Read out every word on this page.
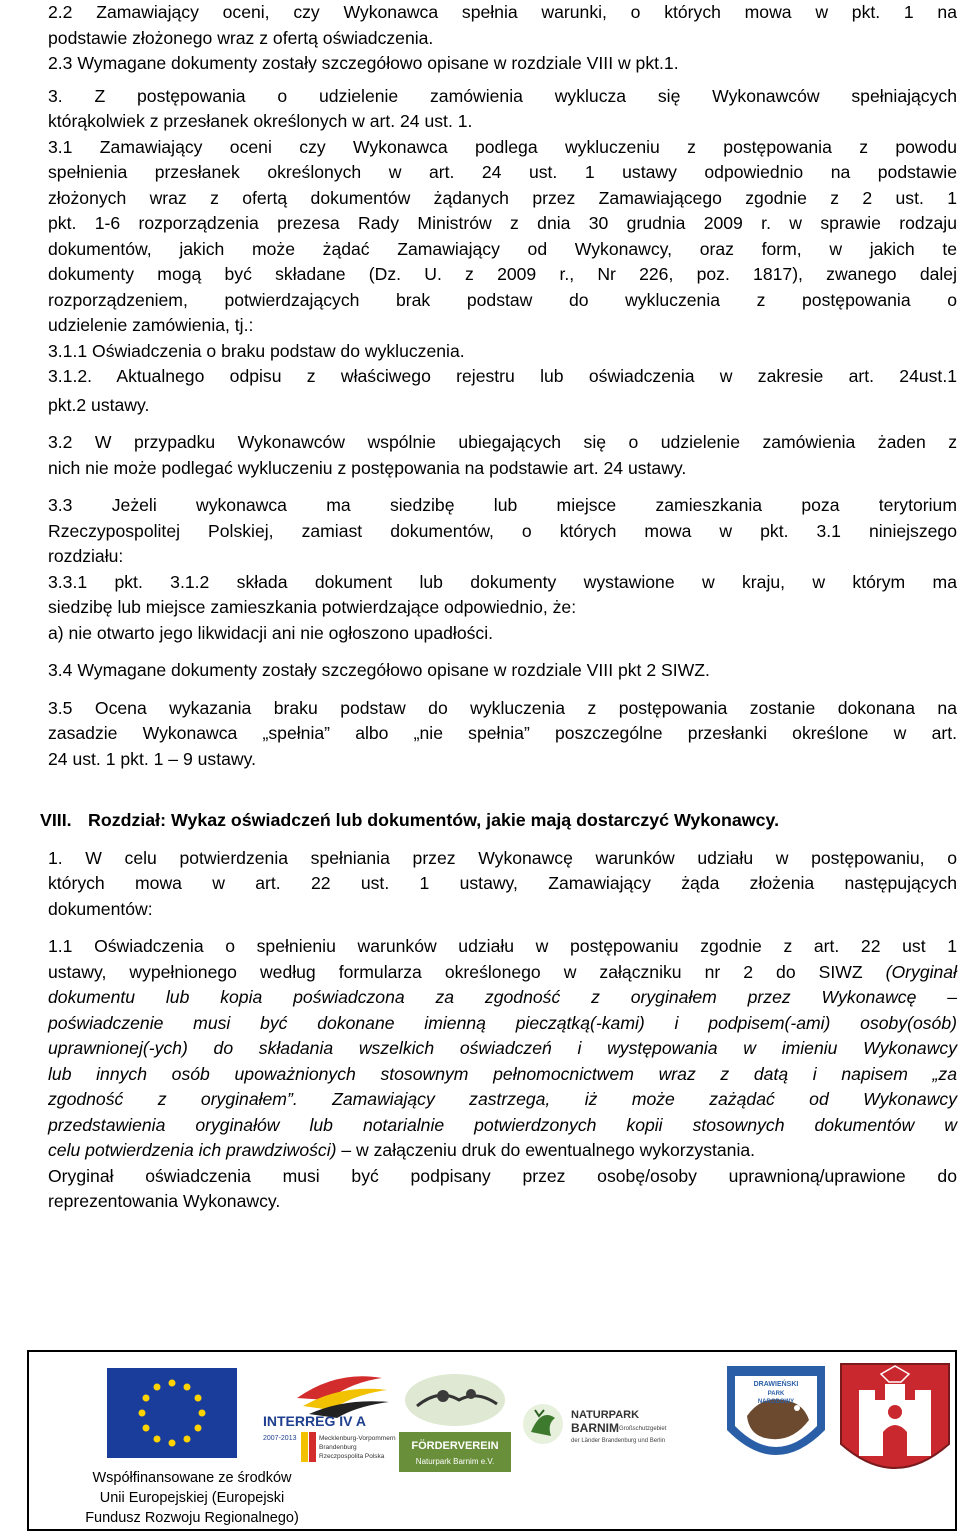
2.2 Zamawiający oceni, czy Wykonawca spełnia warunki, o których mowa w pkt. 1 na
podstawie złożonego wraz z ofertą oświadczenia.
2.3 Wymagane dokumenty zostały szczegółowo opisane w rozdziale VIII w pkt.1.
3. Z postępowania o udzielenie zamówienia wyklucza się Wykonawców spełniających
którąkolwiek z przesłanek określonych w art. 24 ust. 1.
3.1 Zamawiający oceni czy Wykonawca podlega wykluczeniu z postępowania z powodu
spełnienia przesłanek określonych w art. 24 ust. 1 ustawy odpowiednio na podstawie
złożonych wraz z ofertą dokumentów żądanych przez Zamawiającego zgodnie z 2 ust. 1
pkt. 1-6 rozporządzenia prezesa Rady Ministrów z dnia 30 grudnia 2009 r. w sprawie rodzaju
dokumentów, jakich może żądać Zamawiający od Wykonawcy, oraz form, w jakich te
dokumenty mogą być składane (Dz. U. z 2009 r., Nr 226, poz. 1817), zwanego dalej
rozporządzeniem, potwierdzających brak podstaw do wykluczenia z postępowania o
udzielenie zamówienia, tj.:
3.1.1 Oświadczenia o braku podstaw do wykluczenia.
3.1.2. Aktualnego odpisu z właściwego rejestru lub oświadczenia w zakresie art. 24ust.1
pkt.2 ustawy.
3.2 W przypadku Wykonawców wspólnie ubiegających się o udzielenie zamówienia żaden z
nich nie może podlegać wykluczeniu z postępowania na podstawie art. 24 ustawy.
3.3 Jeżeli wykonawca ma siedzibę lub miejsce zamieszkania poza terytorium
Rzeczypospolitej Polskiej, zamiast dokumentów, o których mowa w pkt. 3.1 niniejszego
rozdziału:
3.3.1 pkt. 3.1.2 składa dokument lub dokumenty wystawione w kraju, w którym ma
siedzibę lub miejsce zamieszkania potwierdzające odpowiednio, że:
a) nie otwarto jego likwidacji ani nie ogłoszono upadłości.
3.4 Wymagane dokumenty zostały szczegółowo opisane w rozdziale VIII pkt 2 SIWZ.
3.5 Ocena wykazania braku podstaw do wykluczenia z postępowania zostanie dokonana na
zasadzie Wykonawca „spełnia” albo „nie spełnia” poszczególne przesłanki określone w art.
24 ust. 1 pkt. 1 – 9 ustawy.
VIII. Rozdział: Wykaz oświadczeń lub dokumentów, jakie mają dostarczyć Wykonawcy.
1. W celu potwierdzenia spełniania przez Wykonawcę warunków udziału w postępowaniu, o
których mowa w art. 22 ust. 1 ustawy, Zamawiający żąda złożenia następujących
dokumentów:
1.1 Oświadczenia o spełnieniu warunków udziału w postępowaniu zgodnie z art. 22 ust 1
ustawy, wypełnionego według formularza określonego w załączniku nr 2 do SIWZ (Oryginał
dokumentu lub kopia poświadczona za zgodność z oryginałem przez Wykonawcę –
poświadczenie musi być dokonane imienną pieczątką(-kami) i podpisem(-ami) osoby(osób)
uprawnionej(-ych) do składania wszelkich oświadczeń i występowania w imieniu Wykonawcy
lub innych osób upoważnionych stosownym pełnomocnictwem wraz z datą i napisem „za
zgodność z oryginałem”. Zamawiający zastrzega, iż może zażądać od Wykonawcy
przedstawienia oryginałów lub notarialnie potwierdzonych kopii stosownych dokumentów w
celu potwierdzenia ich prawdziwości) – w załączeniu druk do ewentualnego wykorzystania.
Oryginał oświadczenia musi być podpisany przez osobę/osoby uprawnioną/uprawione do
reprezentowania Wykonawcy.
INTERREG IV A
2007-2013	Mecklenburg-Vorpommern
Brandenburg
Rzeczpospolita Polska
FÖRDERVEREIN
Naturpark Barnim e.V.
NATURPARK
BARNIM Großschutzgebiet
der Länder Brandenburg und Berlin
DRAWIEŃSKI
PARK
NARODOWY
Współfinansowane ze środków
Unii Europejskiej (Europejski
Fundusz Rozwoju Regionalnego)
